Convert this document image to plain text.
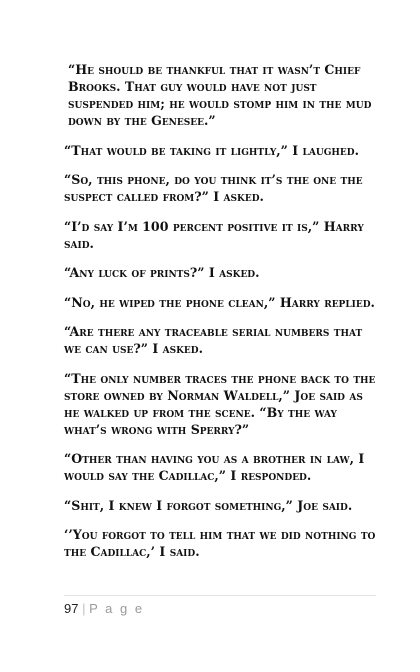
“He should be thankful that it wasn’t Chief Brooks. That guy would have not just suspended him; he would stomp him in the mud down by the Genesee.”

“That would be taking it lightly,” I laughed.

“So, this phone, do you think it’s the one the suspect called from?” I asked.

“I’d say I’m 100 percent positive it is,” Harry said.

“Any luck of prints?” I asked.

“No, he wiped the phone clean,” Harry replied.

“Are there any traceable serial numbers that we can use?” I asked.

“The only number traces the phone back to the store owned by Norman Waldell,” Joe said as he walked up from the scene. “By the way what’s wrong with Sperry?”

“Other than having you as a brother in law, I would say the Cadillac,” I responded.

“Shit, I knew I forgot something,” Joe said.

‘’You forgot to tell him that we did nothing to the Cadillac,’ I said.

97 | P a g e
